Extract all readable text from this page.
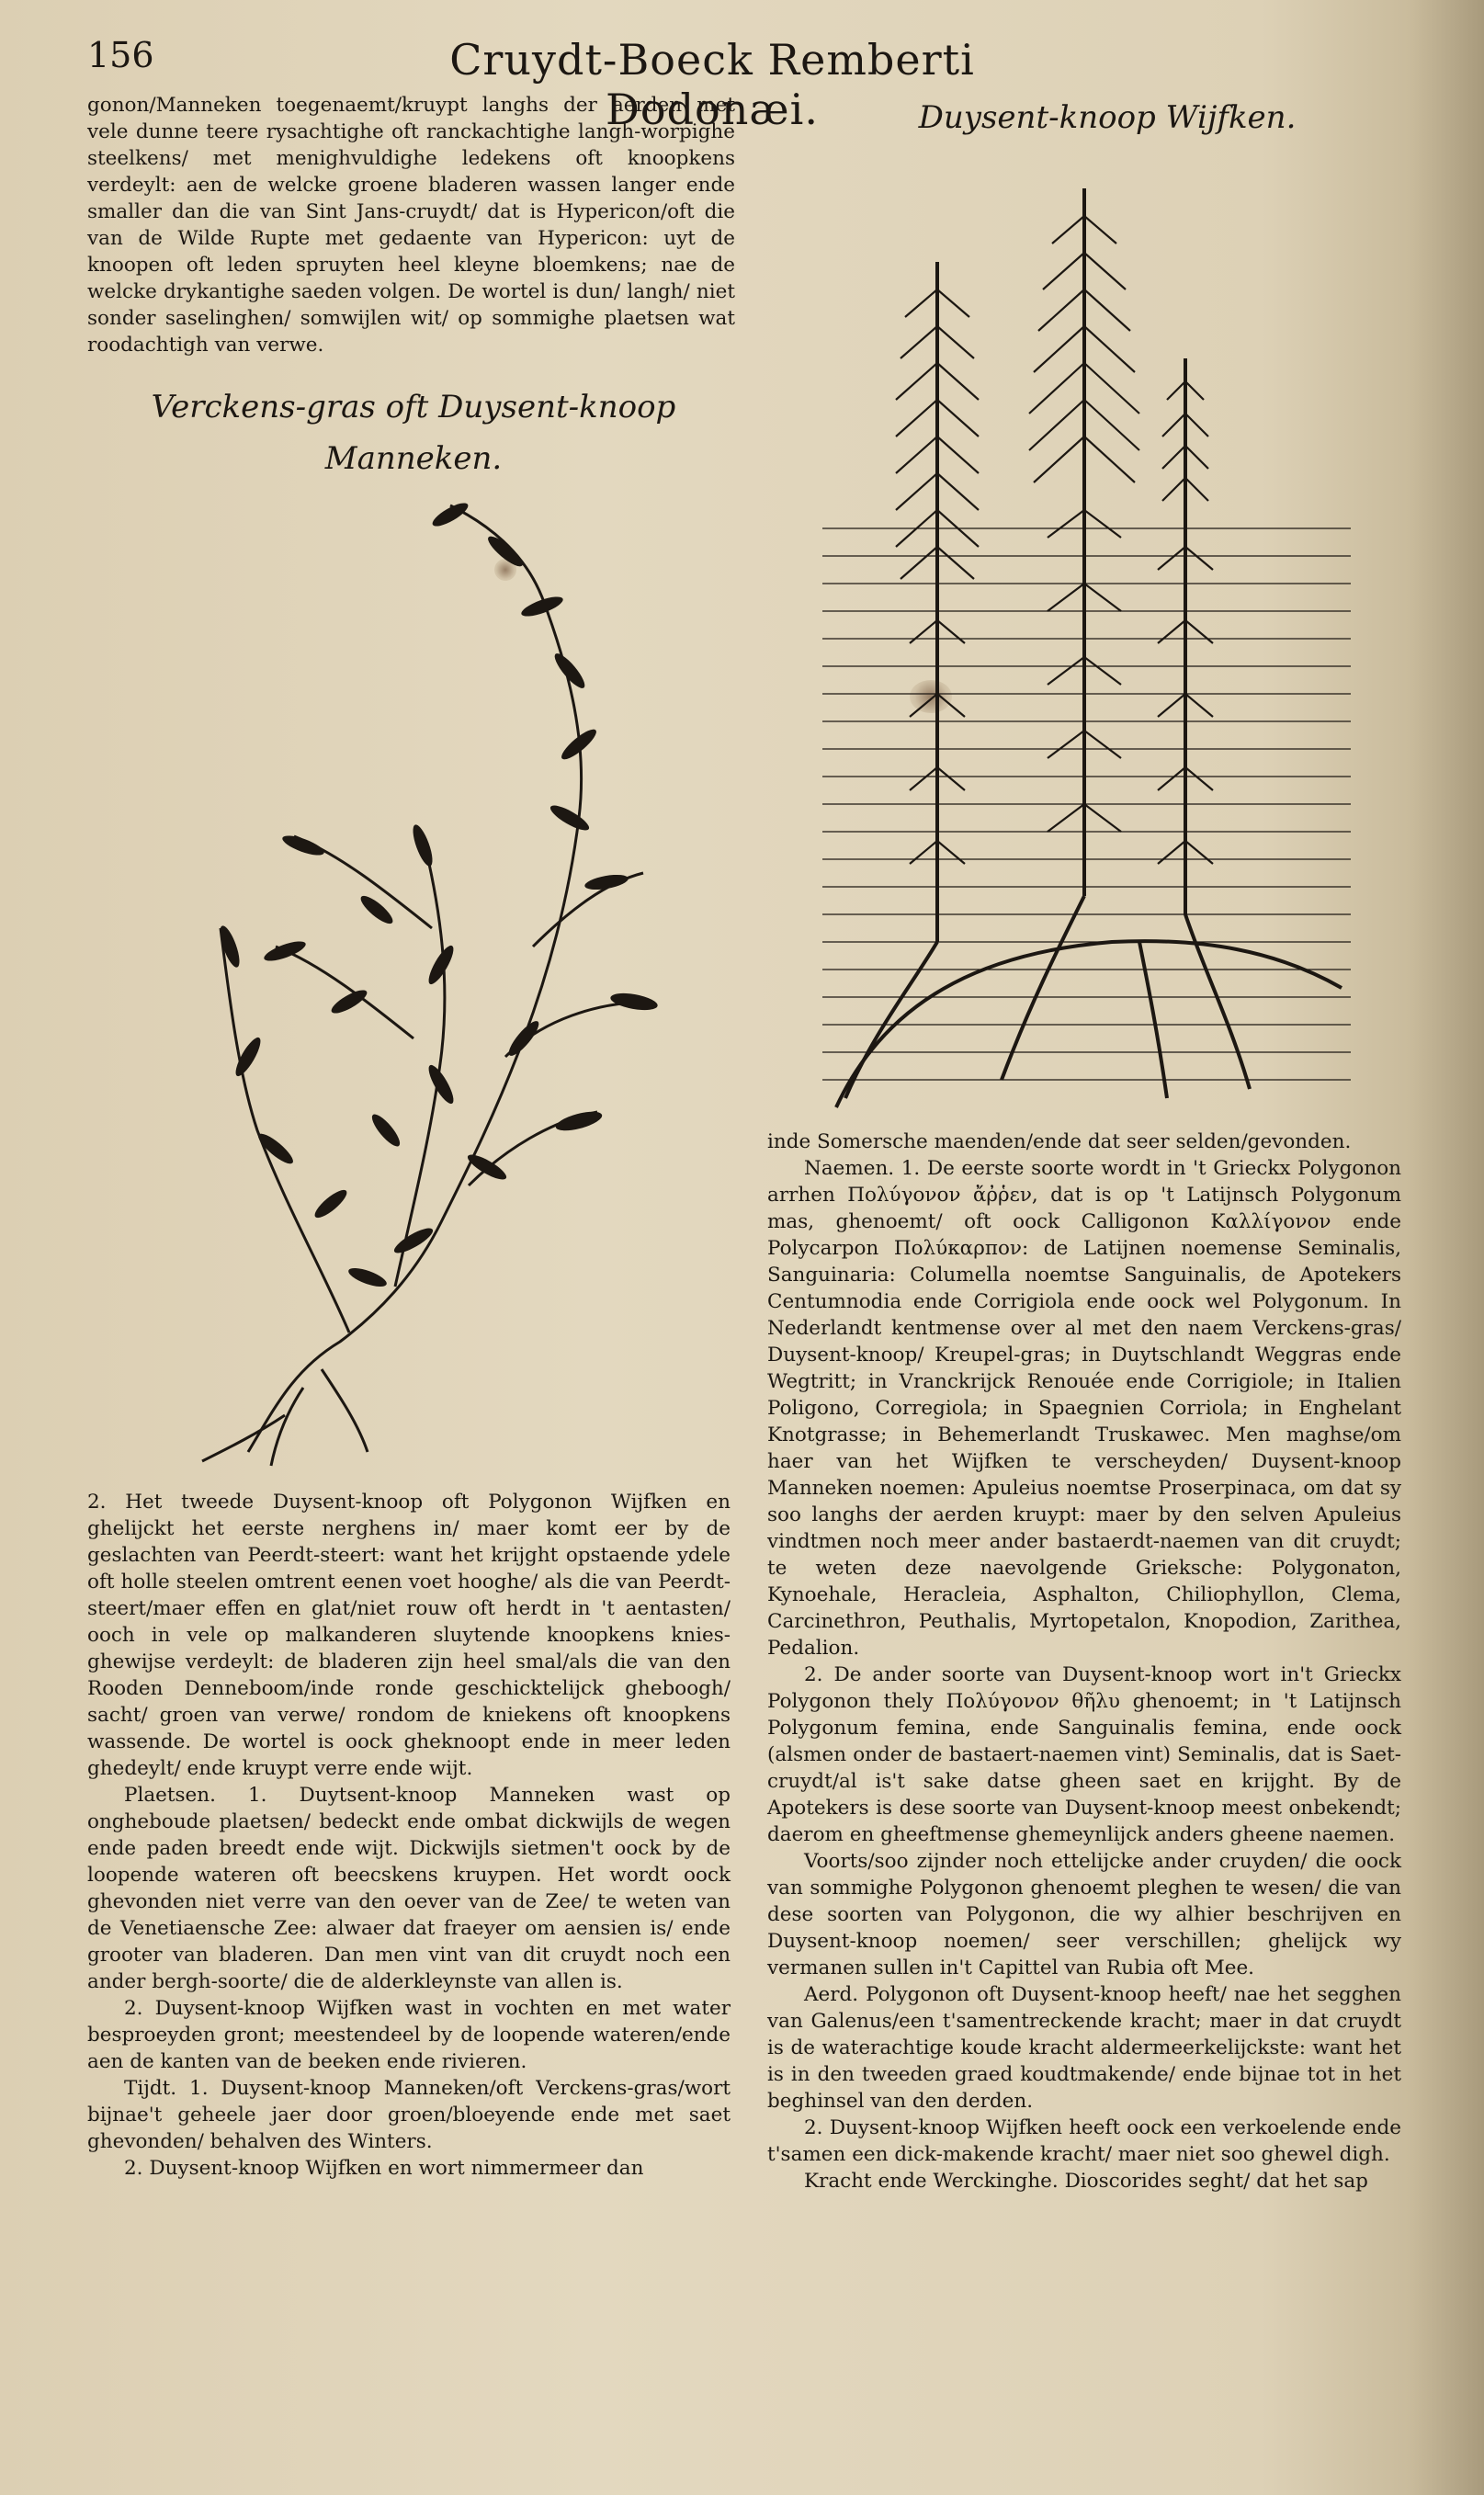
156	Cruydt-Boeck Remberti Dodonæi.

gonon/Manneken toegenaemt/kruypt langhs der aerden met vele dunne teere rysachtighe oft ranckachtighe langh-worpighe steelkens/ met menighvuldighe ledekens oft knoopkens verdeylt: aen de welcke groene bladeren wassen langer ende smaller dan die van Sint Jans-cruydt/ dat is Hypericon/oft die van de Wilde Rupte met gedaente van Hypericon: uyt de knoopen oft leden spruyten heel kleyne bloemkens; nae de welcke drykantighe saeden volgen. De wortel is dun/ langh/ niet sonder saselinghen/ somwijlen wit/ op sommighe plaetsen wat roodachtigh van verwe.

Verckens-gras oft Duysent-knoop
Manneken.

2. Het tweede Duysent-knoop oft Polygonon Wijfken en ghelijckt het eerste nerghens in/ maer komt eer by de geslachten van Peerdt-steert: want het krijght opstaende ydele oft holle steelen omtrent eenen voet hooghe/ als die van Peerdt-steert/maer effen en glat/niet rouw oft herdt in 't aentasten/ ooch in vele op malkanderen sluytende knoopkens knies-ghewijse verdeylt: de bladeren zijn heel smal/als die van den Rooden Denneboom/inde ronde geschicktelijck gheboogh/ sacht/ groen van verwe/ rondom de kniekens oft knoopkens wassende. De wortel is oock gheknoopt ende in meer leden ghedeylt/ ende kruypt verre ende wijt.

Plaetsen. 1. Duytsent-knoop Manneken wast op ongheboude plaetsen/ bedeckt ende ombat dickwijls de wegen ende paden breedt ende wijt. Dickwijls sietmen't oock by de loopende wateren oft beecskens kruypen. Het wordt oock ghevonden niet verre van den oever van de Zee/ te weten van de Venetiaensche Zee: alwaer dat fraeyer om aensien is/ ende grooter van bladeren. Dan men vint van dit cruydt noch een ander bergh-soorte/ die de alderkleynste van allen is.

2. Duysent-knoop Wijfken wast in vochten en met water besproeyden gront; meestendeel by de loopende wateren/ende aen de kanten van de beeken ende rivieren.

Tijdt. 1. Duysent-knoop Manneken/oft Verckens-gras/wort bijnae't geheele jaer door groen/bloeyende ende met saet ghevonden/ behalven des Winters.

2. Duysent-knoop Wijfken en wort nimmermeer dan

Duysent-knoop Wijfken.

inde Somersche maenden/ende dat seer selden/gevonden.

Naemen. 1. De eerste soorte wordt in 't Grieckx Polygonon arrhen Πολύγονον ἄῤῥεν, dat is op 't Latijnsch Polygonum mas, ghenoemt/ oft oock Calligonon Καλλίγονον ende Polycarpon Πολύκαρπον: de Latijnen noemense Seminalis, Sanguinaria: Columella noemtse Sanguinalis, de Apotekers Centumnodia ende Corrigiola ende oock wel Polygonum. In Nederlandt kentmense over al met den naem Verckens-gras/ Duysent-knoop/ Kreupel-gras; in Duytschlandt Weggras ende Wegtritt; in Vranckrijck Renouée ende Corrigiole; in Italien Poligono, Corregiola; in Spaegnien Corriola; in Enghelant Knotgrasse; in Behemerlandt Truskawec. Men maghse/om haer van het Wijfken te verscheyden/ Duysent-knoop Manneken noemen: Apuleius noemtse Proserpinaca, om dat sy soo langhs der aerden kruypt: maer by den selven Apuleius vindtmen noch meer ander bastaerdt-naemen van dit cruydt; te weten deze naevolgende Grieksche: Polygonaton, Kynoehale, Heracleia, Asphalton, Chiliophyllon, Clema, Carcinethron, Peuthalis, Myrtopetalon, Knopodion, Zarithea, Pedalion.

2. De ander soorte van Duysent-knoop wort in't Grieckx Polygonon thely Πολύγονον θῆλυ ghenoemt; in 't Latijnsch Polygonum femina, ende Sanguinalis femina, ende oock (alsmen onder de bastaert-naemen vint) Seminalis, dat is Saet-cruydt/al is't sake datse gheen saet en krijght. By de Apotekers is dese soorte van Duysent-knoop meest onbekendt; daerom en gheeftmense ghemeynlijck anders gheene naemen.

Voorts/soo zijnder noch ettelijcke ander cruyden/ die oock van sommighe Polygonon ghenoemt pleghen te wesen/ die van dese soorten van Polygonon, die wy alhier beschrijven en Duysent-knoop noemen/ seer verschillen; ghelijck wy vermanen sullen in't Capittel van Rubia oft Mee.

Aerd. Polygonon oft Duysent-knoop heeft/ nae het segghen van Galenus/een t'samentreckende kracht; maer in dat cruydt is de waterachtige koude kracht aldermeerkelijckste: want het is in den tweeden graed koudtmakende/ ende bijnae tot in het beghinsel van den derden.

2. Duysent-knoop Wijfken heeft oock een verkoelende ende t'samen een dick-makende kracht/ maer niet soo ghewel digh.

Kracht ende Werckinghe. Dioscorides seght/ dat het sap
